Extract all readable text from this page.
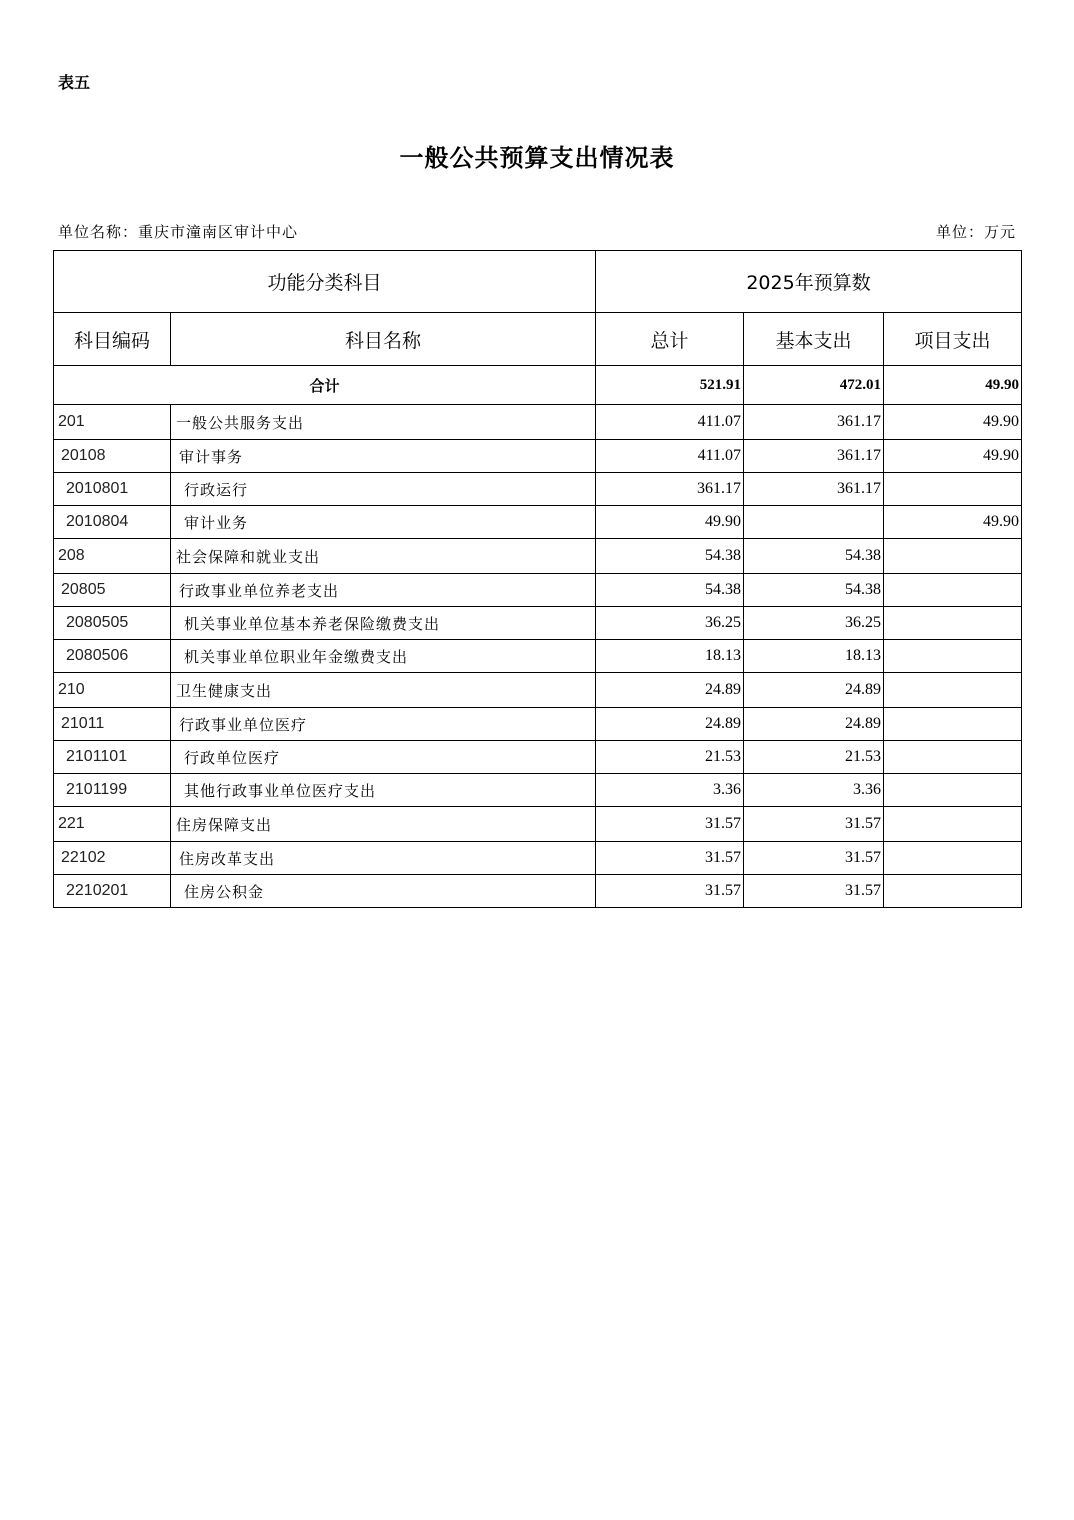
表五
一般公共预算支出情况表
单位名称：重庆市潼南区审计中心	单位：万元
功能分类科目		2025年预算数		
科目编码	科目名称	总计	基本支出	项目支出
合计		521.91	472.01	49.90
201	一般公共服务支出	411.07	361.17	49.90
20108	审计事务	411.07	361.17	49.90
2010801	行政运行	361.17	361.17	
2010804	审计业务	49.90		49.90
208	社会保障和就业支出	54.38	54.38	
20805	行政事业单位养老支出	54.38	54.38	
2080505	机关事业单位基本养老保险缴费支出	36.25	36.25	
2080506	机关事业单位职业年金缴费支出	18.13	18.13	
210	卫生健康支出	24.89	24.89	
21011	行政事业单位医疗	24.89	24.89	
2101101	行政单位医疗	21.53	21.53	
2101199	其他行政事业单位医疗支出	3.36	3.36	
221	住房保障支出	31.57	31.57	
22102	住房改革支出	31.57	31.57	
2210201	住房公积金	31.57	31.57	
